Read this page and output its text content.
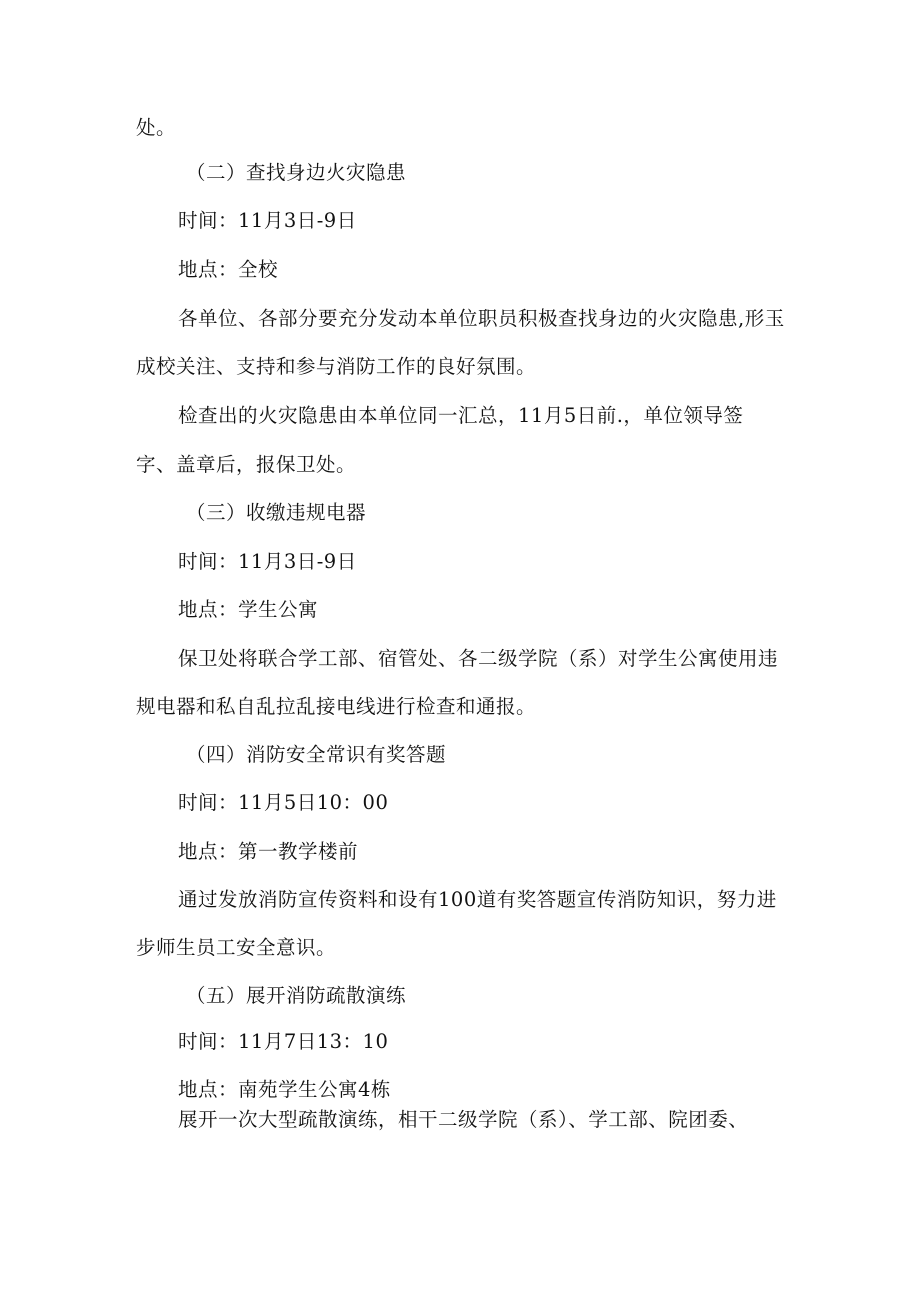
处。
（二）查找身边火灾隐患
时间：11月3日-9日
地点：全校
各单位、各部分要充分发动本单位职员积极查找身边的火灾隐患,形玉
成校关注、支持和参与消防工作的良好氛围。
检查出的火灾隐患由本单位同一汇总，11月5日前.，单位领导签
字、盖章后，报保卫处。
（三）收缴违规电器
时间：11月3日-9日
地点：学生公寓
保卫处将联合学工部、宿管处、各二级学院（系）对学生公寓使用违
规电器和私自乱拉乱接电线进行检查和通报。
（四）消防安全常识有奖答题
时间：11月5日10：00
地点：第一教学楼前
通过发放消防宣传资料和设有100道有奖答题宣传消防知识，努力进
步师生员工安全意识。
（五）展开消防疏散演练
时间：11月7日13：10
地点：南苑学生公寓4栋
展开一次大型疏散演练，相干二级学院（系）、学工部、院团委、
